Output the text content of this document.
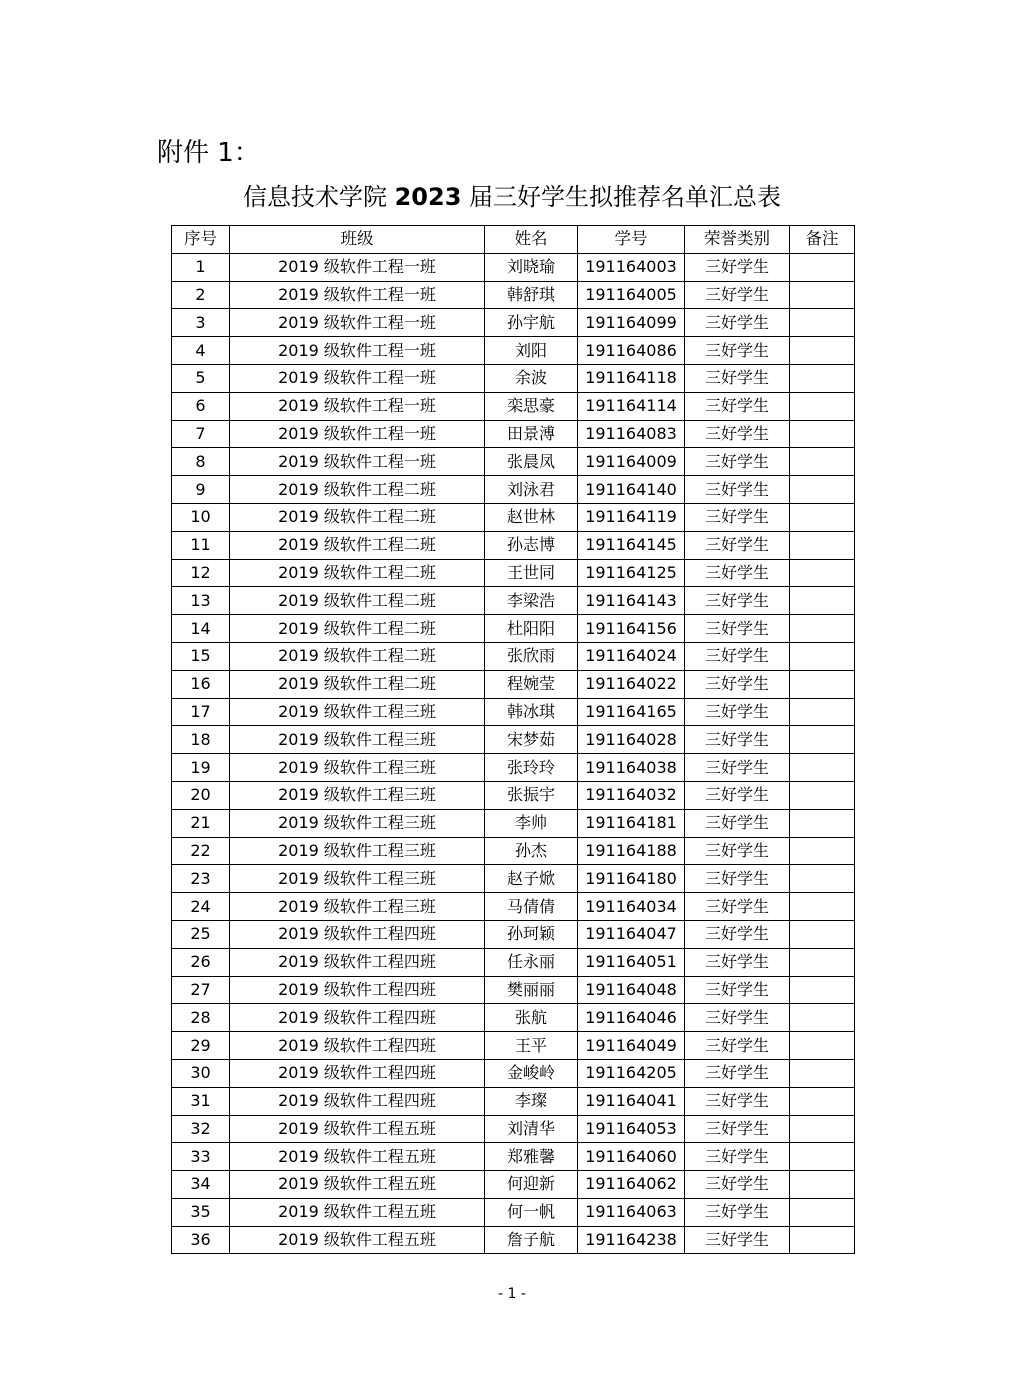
附件 1：
信息技术学院 2023 届三好学生拟推荐名单汇总表
序号	班级	姓名	学号	荣誉类别	备注
1	2019 级软件工程一班	刘晓瑜	191164003	三好学生	
2	2019 级软件工程一班	韩舒琪	191164005	三好学生	
3	2019 级软件工程一班	孙宇航	191164099	三好学生	
4	2019 级软件工程一班	刘阳	191164086	三好学生	
5	2019 级软件工程一班	余波	191164118	三好学生	
6	2019 级软件工程一班	栾思豪	191164114	三好学生	
7	2019 级软件工程一班	田景溥	191164083	三好学生	
8	2019 级软件工程一班	张晨凤	191164009	三好学生	
9	2019 级软件工程二班	刘泳君	191164140	三好学生	
10	2019 级软件工程二班	赵世林	191164119	三好学生	
11	2019 级软件工程二班	孙志博	191164145	三好学生	
12	2019 级软件工程二班	王世同	191164125	三好学生	
13	2019 级软件工程二班	李梁浩	191164143	三好学生	
14	2019 级软件工程二班	杜阳阳	191164156	三好学生	
15	2019 级软件工程二班	张欣雨	191164024	三好学生	
16	2019 级软件工程二班	程婉莹	191164022	三好学生	
17	2019 级软件工程三班	韩冰琪	191164165	三好学生	
18	2019 级软件工程三班	宋梦茹	191164028	三好学生	
19	2019 级软件工程三班	张玲玲	191164038	三好学生	
20	2019 级软件工程三班	张振宇	191164032	三好学生	
21	2019 级软件工程三班	李帅	191164181	三好学生	
22	2019 级软件工程三班	孙杰	191164188	三好学生	
23	2019 级软件工程三班	赵子焮	191164180	三好学生	
24	2019 级软件工程三班	马倩倩	191164034	三好学生	
25	2019 级软件工程四班	孙珂颖	191164047	三好学生	
26	2019 级软件工程四班	任永丽	191164051	三好学生	
27	2019 级软件工程四班	樊丽丽	191164048	三好学生	
28	2019 级软件工程四班	张航	191164046	三好学生	
29	2019 级软件工程四班	王平	191164049	三好学生	
30	2019 级软件工程四班	金峻岭	191164205	三好学生	
31	2019 级软件工程四班	李璨	191164041	三好学生	
32	2019 级软件工程五班	刘清华	191164053	三好学生	
33	2019 级软件工程五班	郑雅馨	191164060	三好学生	
34	2019 级软件工程五班	何迎新	191164062	三好学生	
35	2019 级软件工程五班	何一帆	191164063	三好学生	
36	2019 级软件工程五班	詹子航	191164238	三好学生	
- 1 -
